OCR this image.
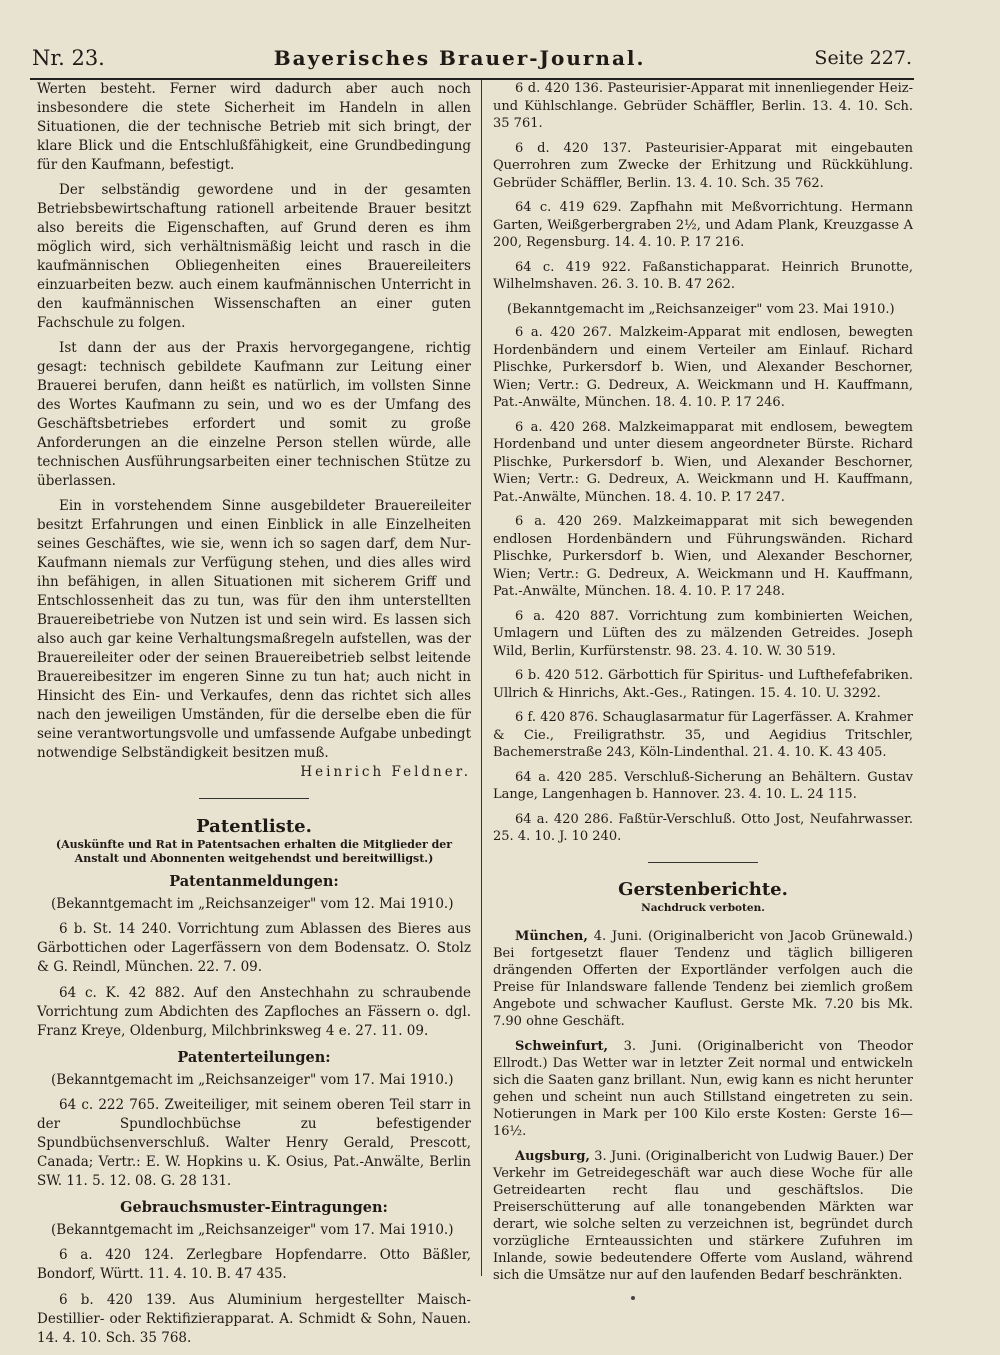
Nr. 23.	Bayerisches Brauer-Journal.	Seite 227.

Werten besteht. Ferner wird dadurch aber auch noch insbesondere die stete Sicherheit im Handeln in allen Situationen, die der technische Betrieb mit sich bringt, der klare Blick und die Entschlußfähigkeit, eine Grundbedingung für den Kaufmann, befestigt.

Der selbständig gewordene und in der gesamten Betriebsbewirtschaftung rationell arbeitende Brauer besitzt also bereits die Eigenschaften, auf Grund deren es ihm möglich wird, sich verhältnismäßig leicht und rasch in die kaufmännischen Obliegenheiten eines Brauereileiters einzuarbeiten bezw. auch einem kaufmännischen Unterricht in den kaufmännischen Wissenschaften an einer guten Fachschule zu folgen.

Ist dann der aus der Praxis hervorgegangene, richtig gesagt: technisch gebildete Kaufmann zur Leitung einer Brauerei berufen, dann heißt es natürlich, im vollsten Sinne des Wortes Kaufmann zu sein, und wo es der Umfang des Geschäftsbetriebes erfordert und somit zu große Anforderungen an die einzelne Person stellen würde, alle technischen Ausführungsarbeiten einer technischen Stütze zu überlassen.

Ein in vorstehendem Sinne ausgebildeter Brauereileiter besitzt Erfahrungen und einen Einblick in alle Einzelheiten seines Geschäftes, wie sie, wenn ich so sagen darf, dem Nur-Kaufmann niemals zur Verfügung stehen, und dies alles wird ihn befähigen, in allen Situationen mit sicherem Griff und Entschlossenheit das zu tun, was für den ihm unterstellten Brauereibetriebe von Nutzen ist und sein wird. Es lassen sich also auch gar keine Verhaltungsmaßregeln aufstellen, was der Brauereileiter oder der seinen Brauereibetrieb selbst leitende Brauereibesitzer im engeren Sinne zu tun hat; auch nicht in Hinsicht des Ein- und Verkaufes, denn das richtet sich alles nach den jeweiligen Umständen, für die derselbe eben die für seine verantwortungsvolle und umfassende Aufgabe unbedingt notwendige Selbständigkeit besitzen muß.

Heinrich Feldner.
Patentliste.
(Auskünfte und Rat in Patentsachen erhalten die Mitglieder der Anstalt und Abonnenten weitgehendst und bereitwilligst.)
Patentanmeldungen:

(Bekanntgemacht im „Reichsanzeiger" vom 12. Mai 1910.)

6 b. St. 14 240. Vorrichtung zum Ablassen des Bieres aus Gärbottichen oder Lagerfässern von dem Bodensatz. O. Stolz & G. Reindl, München. 22. 7. 09.

64 c. K. 42 882. Auf den Anstechhahn zu schraubende Vorrichtung zum Abdichten des Zapfloches an Fässern o. dgl. Franz Kreye, Oldenburg, Milchbrinksweg 4 e. 27. 11. 09.

Patenterteilungen:

(Bekanntgemacht im „Reichsanzeiger" vom 17. Mai 1910.)

64 c. 222 765. Zweiteiliger, mit seinem oberen Teil starr in der Spundlochbüchse zu befestigender Spundbüchsenverschluß. Walter Henry Gerald, Prescott, Canada; Vertr.: E. W. Hopkins u. K. Osius, Pat.-Anwälte, Berlin SW. 11. 5. 12. 08. G. 28 131.

Gebrauchsmuster-Eintragungen:

(Bekanntgemacht im „Reichsanzeiger" vom 17. Mai 1910.)

6 a. 420 124. Zerlegbare Hopfendarre. Otto Bäßler, Bondorf, Württ. 11. 4. 10. B. 47 435.

6 b. 420 139. Aus Aluminium hergestellter Maisch-Destillier- oder Rektifizierapparat. A. Schmidt & Sohn, Nauen. 14. 4. 10. Sch. 35 768.

6 d. 420 136. Pasteurisier-Apparat mit innenliegender Heiz- und Kühlschlange. Gebrüder Schäffler, Berlin. 13. 4. 10. Sch. 35 761.

6 d. 420 137. Pasteurisier-Apparat mit eingebauten Querrohren zum Zwecke der Erhitzung und Rückkühlung. Gebrüder Schäffler, Berlin. 13. 4. 10. Sch. 35 762.

64 c. 419 629. Zapfhahn mit Meßvorrichtung. Hermann Garten, Weißgerbergraben 2½, und Adam Plank, Kreuzgasse A 200, Regensburg. 14. 4. 10. P. 17 216.

64 c. 419 922. Faßanstichapparat. Heinrich Brunotte, Wilhelmshaven. 26. 3. 10. B. 47 262.

(Bekanntgemacht im „Reichsanzeiger" vom 23. Mai 1910.)

6 a. 420 267. Malzkeim-Apparat mit endlosen, bewegten Hordenbändern und einem Verteiler am Einlauf. Richard Plischke, Purkersdorf b. Wien, und Alexander Beschorner, Wien; Vertr.: G. Dedreux, A. Weickmann und H. Kauffmann, Pat.-Anwälte, München. 18. 4. 10. P. 17 246.

6 a. 420 268. Malzkeimapparat mit endlosem, bewegtem Hordenband und unter diesem angeordneter Bürste. Richard Plischke, Purkersdorf b. Wien, und Alexander Beschorner, Wien; Vertr.: G. Dedreux, A. Weickmann und H. Kauffmann, Pat.-Anwälte, München. 18. 4. 10. P. 17 247.

6 a. 420 269. Malzkeimapparat mit sich bewegenden endlosen Hordenbändern und Führungswänden. Richard Plischke, Purkersdorf b. Wien, und Alexander Beschorner, Wien; Vertr.: G. Dedreux, A. Weickmann und H. Kauffmann, Pat.-Anwälte, München. 18. 4. 10. P. 17 248.

6 a. 420 887. Vorrichtung zum kombinierten Weichen, Umlagern und Lüften des zu mälzenden Getreides. Joseph Wild, Berlin, Kurfürstenstr. 98. 23. 4. 10. W. 30 519.

6 b. 420 512. Gärbottich für Spiritus- und Lufthefefabriken. Ullrich & Hinrichs, Akt.-Ges., Ratingen. 15. 4. 10. U. 3292.

6 f. 420 876. Schauglasarmatur für Lagerfässer. A. Krahmer & Cie., Freiligrathstr. 35, und Aegidius Tritschler, Bachemerstraße 243, Köln-Lindenthal. 21. 4. 10. K. 43 405.

64 a. 420 285. Verschluß-Sicherung an Behältern. Gustav Lange, Langenhagen b. Hannover. 23. 4. 10. L. 24 115.

64 a. 420 286. Faßtür-Verschluß. Otto Jost, Neufahrwasser. 25. 4. 10. J. 10 240.

Gerstenberichte.
Nachdruck verboten.

München, 4. Juni. (Originalbericht von Jacob Grünewald.) Bei fortgesetzt flauer Tendenz und täglich billigeren drängenden Offerten der Exportländer verfolgen auch die Preise für Inlandsware fallende Tendenz bei ziemlich großem Angebote und schwacher Kauflust. Gerste Mk. 7.20 bis Mk. 7.90 ohne Geschäft.

Schweinfurt, 3. Juni. (Originalbericht von Theodor Ellrodt.) Das Wetter war in letzter Zeit normal und entwickeln sich die Saaten ganz brillant. Nun, ewig kann es nicht herunter gehen und scheint nun auch Stillstand eingetreten zu sein. Notierungen in Mark per 100 Kilo erste Kosten: Gerste 16—16½.

Augsburg, 3. Juni. (Originalbericht von Ludwig Bauer.) Der Verkehr im Getreidegeschäft war auch diese Woche für alle Getreidearten recht flau und geschäftslos. Die Preiserschütterung auf alle tonangebenden Märkten war derart, wie solche selten zu verzeichnen ist, begründet durch vorzügliche Ernteaussichten und stärkere Zufuhren im Inlande, sowie bedeutendere Offerte vom Ausland, während sich die Umsätze nur auf den laufenden Bedarf beschränkten.
